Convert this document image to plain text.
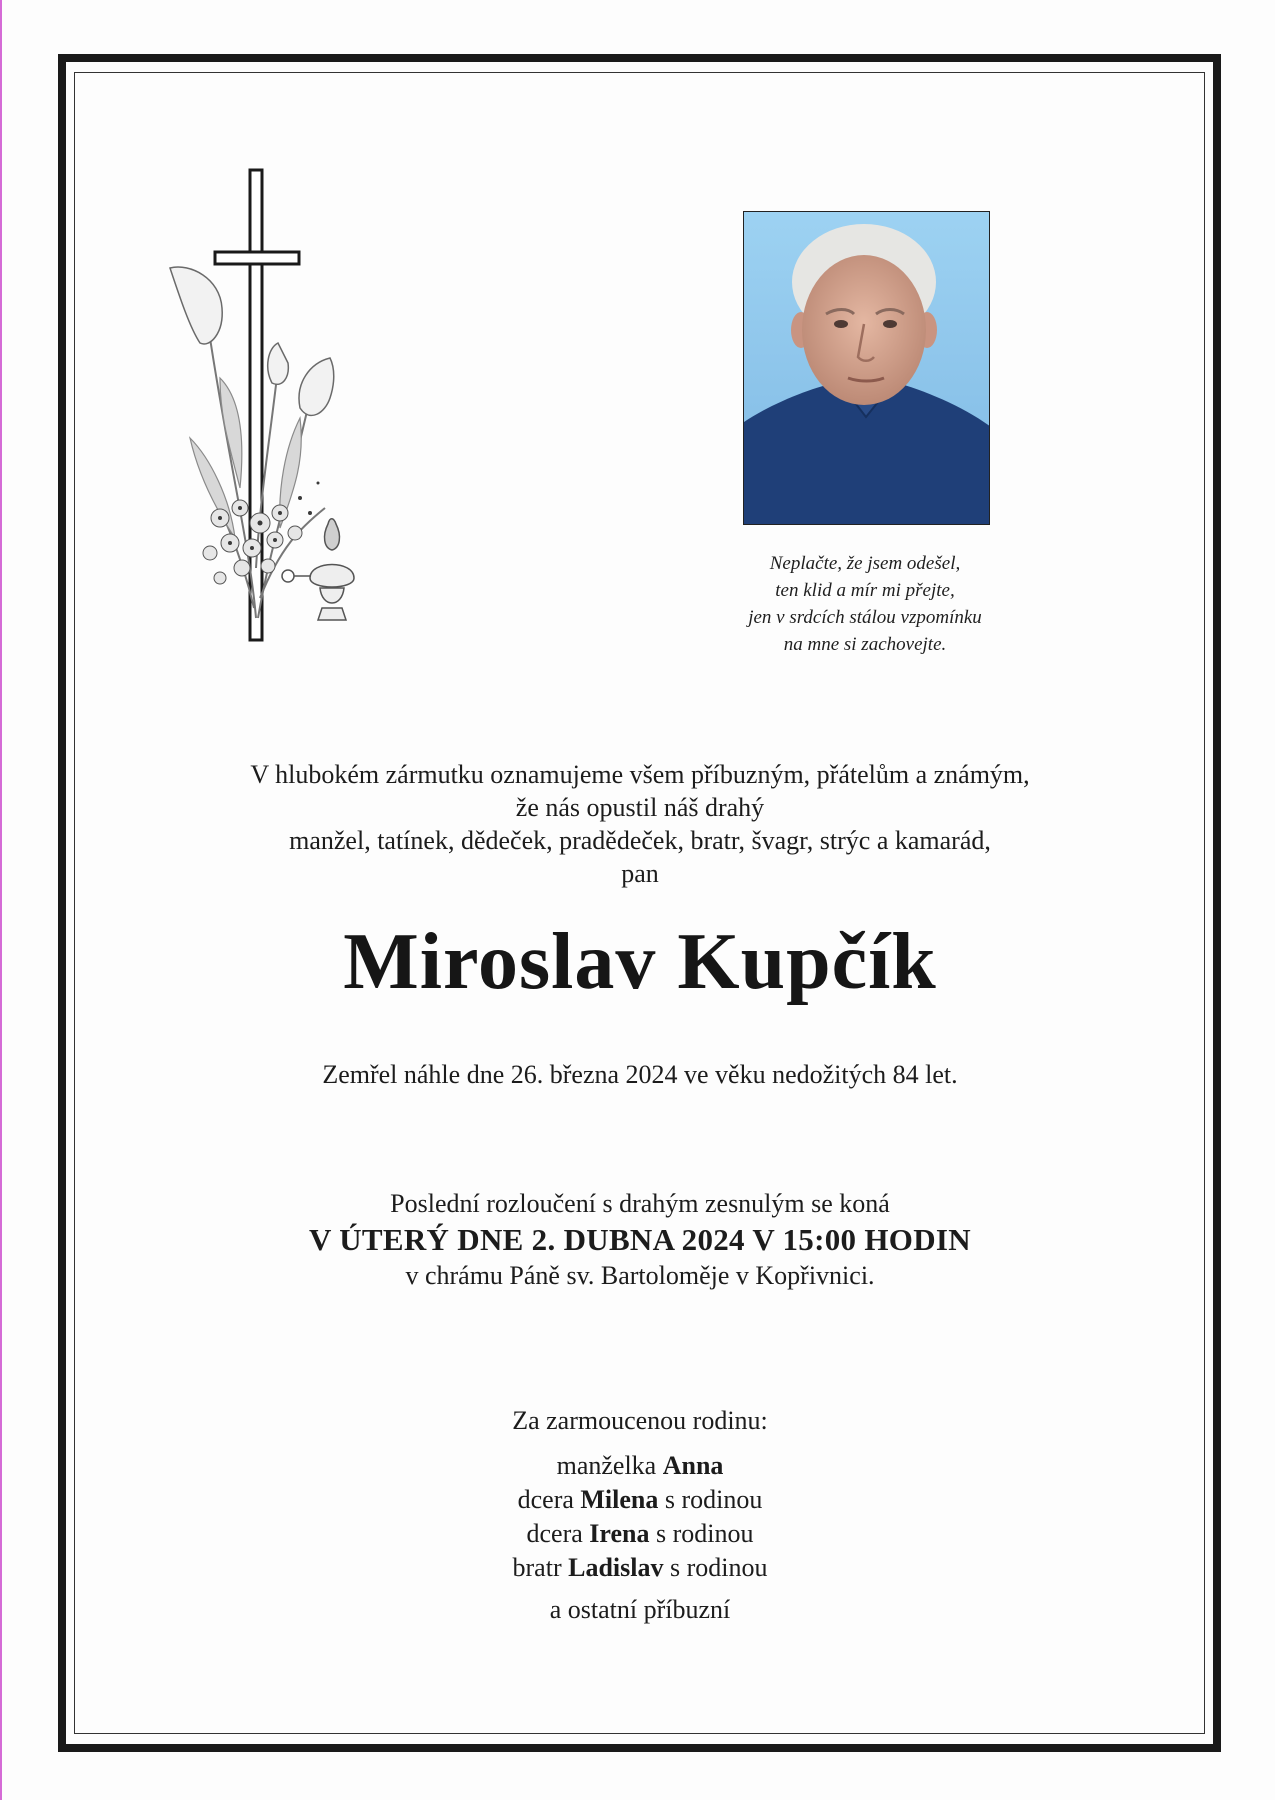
Neplačte, že jsem odešel,
ten klid a mír mi přejte,
jen v srdcích stálou vzpomínku
na mne si zachovejte.
V hlubokém zármutku oznamujeme všem příbuzným, přátelům a známým,
že nás opustil náš drahý
manžel, tatínek, dědeček, pradědeček, bratr, švagr, strýc a kamarád,
pan
Miroslav Kupčík
Zemřel náhle dne 26. března 2024 ve věku nedožitých 84 let.
Poslední rozloučení s drahým zesnulým se koná
V ÚTERÝ DNE 2. DUBNA 2024 V 15:00 HODIN
v chrámu Páně sv. Bartoloměje v Kopřivnici.
Za zarmoucenou rodinu:
manželka Anna
dcera Milena s rodinou
dcera Irena s rodinou
bratr Ladislav s rodinou
a ostatní příbuzní
